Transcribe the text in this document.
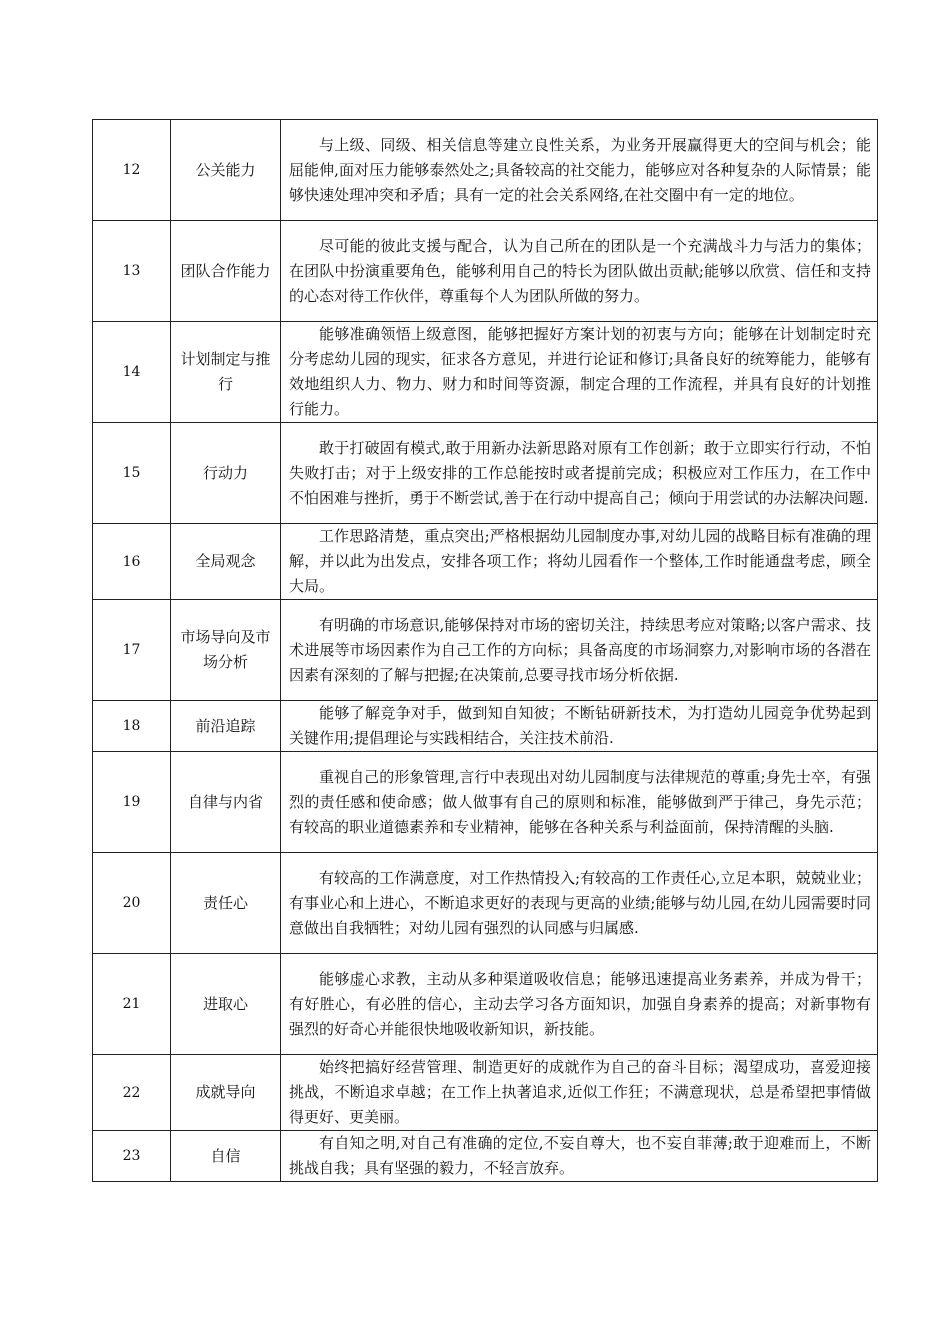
12	公关能力	与上级、同级、相关信息等建立良性关系，为业务开展赢得更大的空间与机会；能屈能伸,面对压力能够泰然处之;具备较高的社交能力，能够应对各种复杂的人际情景；能够快速处理冲突和矛盾；具有一定的社会关系网络,在社交圈中有一定的地位。
13	团队合作能力	尽可能的彼此支援与配合，认为自己所在的团队是一个充满战斗力与活力的集体；在团队中扮演重要角色，能够利用自己的特长为团队做出贡献;能够以欣赏、信任和支持的心态对待工作伙伴，尊重每个人为团队所做的努力。
14	计划制定与推行	能够准确领悟上级意图，能够把握好方案计划的初衷与方向；能够在计划制定时充分考虑幼儿园的现实，征求各方意见，并进行论证和修订;具备良好的统筹能力，能够有效地组织人力、物力、财力和时间等资源，制定合理的工作流程，并具有良好的计划推行能力。
15	行动力	敢于打破固有模式,敢于用新办法新思路对原有工作创新；敢于立即实行行动，不怕失败打击；对于上级安排的工作总能按时或者提前完成；积极应对工作压力，在工作中不怕困难与挫折，勇于不断尝试,善于在行动中提高自己；倾向于用尝试的办法解决问题.
16	全局观念	工作思路清楚，重点突出;严格根据幼儿园制度办事,对幼儿园的战略目标有准确的理解，并以此为出发点，安排各项工作；将幼儿园看作一个整体,工作时能通盘考虑，顾全大局。
17	市场导向及市场分析	有明确的市场意识,能够保持对市场的密切关注，持续思考应对策略;以客户需求、技术进展等市场因素作为自己工作的方向标；具备高度的市场洞察力,对影响市场的各潜在因素有深刻的了解与把握;在决策前,总要寻找市场分析依据.
18	前沿追踪	能够了解竞争对手，做到知自知彼；不断钻研新技术，为打造幼儿园竞争优势起到关键作用;提倡理论与实践相结合，关注技术前沿.
19	自律与内省	重视自己的形象管理,言行中表现出对幼儿园制度与法律规范的尊重;身先士卒，有强烈的责任感和使命感；做人做事有自己的原则和标准，能够做到严于律己，身先示范；有较高的职业道德素养和专业精神，能够在各种关系与利益面前，保持清醒的头脑.
20	责任心	有较高的工作满意度，对工作热情投入;有较高的工作责任心,立足本职，兢兢业业；有事业心和上进心，不断追求更好的表现与更高的业绩;能够与幼儿园,在幼儿园需要时同意做出自我牺牲；对幼儿园有强烈的认同感与归属感.
21	进取心	能够虚心求教，主动从多种渠道吸收信息；能够迅速提高业务素养，并成为骨干；有好胜心，有必胜的信心，主动去学习各方面知识，加强自身素养的提高；对新事物有强烈的好奇心并能很快地吸收新知识，新技能。
22	成就导向	始终把搞好经营管理、制造更好的成就作为自己的奋斗目标；渴望成功，喜爱迎接挑战，不断追求卓越；在工作上执著追求,近似工作狂；不满意现状，总是希望把事情做得更好、更美丽。
23	自信	有自知之明,对自己有准确的定位,不妄自尊大，也不妄自菲薄;敢于迎难而上，不断挑战自我；具有坚强的毅力，不轻言放弃。
